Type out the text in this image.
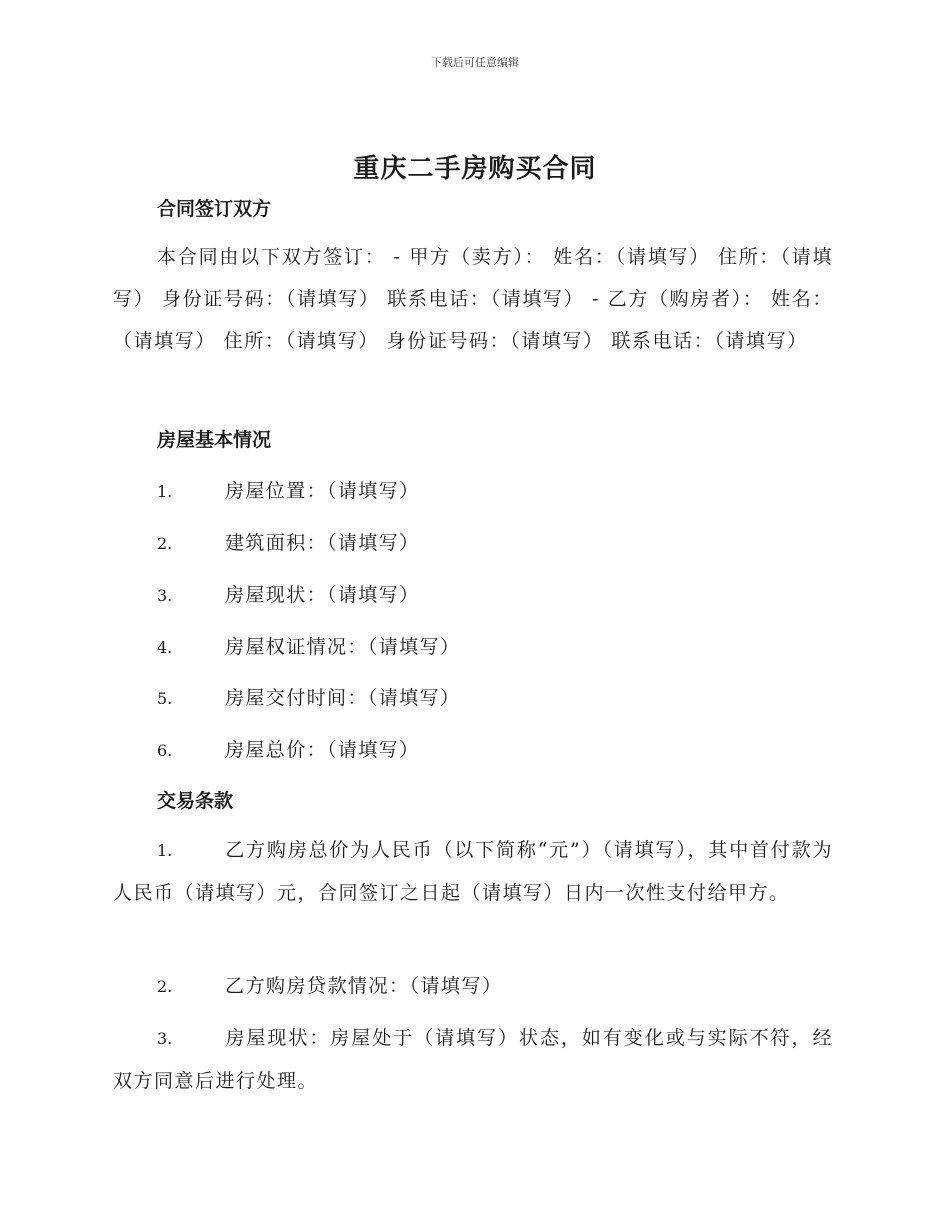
下载后可任意编辑
重庆二手房购买合同
合同签订双方
本合同由以下双方签订： - 甲方（卖方）： 姓名：（请填写） 住所：（请填写） 身份证号码：（请填写） 联系电话：（请填写） - 乙方（购房者）： 姓名：（请填写） 住所：（请填写） 身份证号码：（请填写） 联系电话：（请填写）
房屋基本情况
1.	房屋位置：（请填写）
2.	建筑面积：（请填写）
3.	房屋现状：（请填写）
4.	房屋权证情况：（请填写）
5.	房屋交付时间：（请填写）
6.	房屋总价：（请填写）
交易条款
1.	乙方购房总价为人民币（以下简称“元”）（请填写），其中首付款为人民币（请填写）元，合同签订之日起（请填写）日内一次性支付给甲方。
2.	乙方购房贷款情况：（请填写）
3.	房屋现状：房屋处于（请填写）状态，如有变化或与实际不符，经双方同意后进行处理。
